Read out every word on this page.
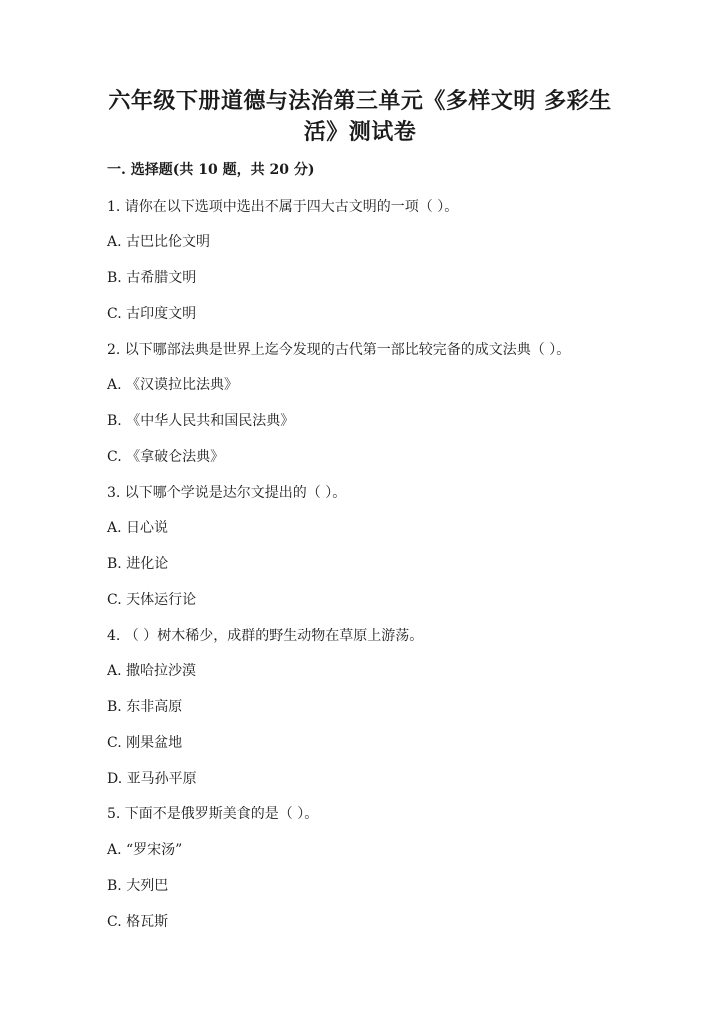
六年级下册道德与法治第三单元《多样文明 多彩生
活》测试卷
一. 选择题(共 10 题，共 20 分)
1. 请你在以下选项中选出不属于四大古文明的一项（ ）。
A. 古巴比伦文明
B. 古希腊文明
C. 古印度文明
2. 以下哪部法典是世界上迄今发现的古代第一部比较完备的成文法典（ ）。
A. 《汉谟拉比法典》
B. 《中华人民共和国民法典》
C. 《拿破仑法典》
3. 以下哪个学说是达尔文提出的（ ）。
A. 日心说
B. 进化论
C. 天体运行论
4. （ ）树木稀少，成群的野生动物在草原上游荡。
A. 撒哈拉沙漠
B. 东非高原
C. 刚果盆地
D. 亚马孙平原
5. 下面不是俄罗斯美食的是（ ）。
A. “罗宋汤”
B. 大列巴
C. 格瓦斯
